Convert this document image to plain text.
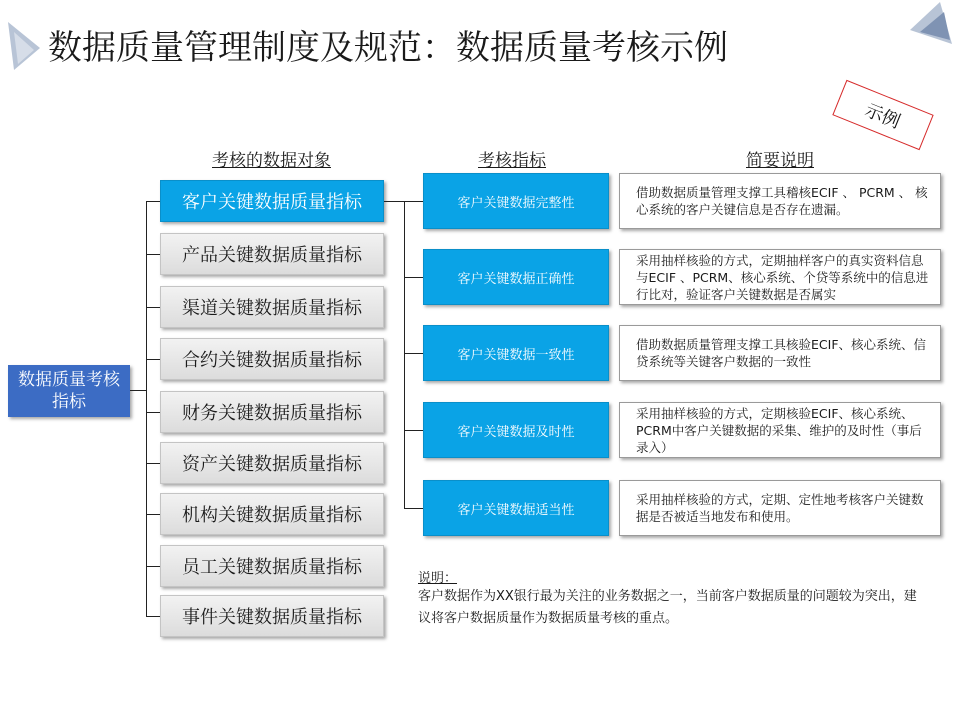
数据质量管理制度及规范：数据质量考核示例
示例
考核的数据对象	考核指标	简要说明
数据质量考核指标
客户关键数据质量指标
产品关键数据质量指标
渠道关键数据质量指标
合约关键数据质量指标
财务关键数据质量指标
资产关键数据质量指标
机构关键数据质量指标
员工关键数据质量指标
事件关键数据质量指标
客户关键数据完整性
客户关键数据正确性
客户关键数据一致性
客户关键数据及时性
客户关键数据适当性
借助数据质量管理支撑工具稽核ECIF 、 PCRM 、 核心系统的客户关键信息是否存在遗漏。
采用抽样核验的方式，定期抽样客户的真实资料信息与ECIF 、PCRM、核心系统、个贷等系统中的信息进行比对，验证客户关键数据是否属实
借助数据质量管理支撑工具核验ECIF、核心系统、信贷系统等关键客户数据的一致性
采用抽样核验的方式，定期核验ECIF、核心系统、PCRM中客户关键数据的采集、维护的及时性（事后录入）
采用抽样核验的方式，定期、定性地考核客户关键数据是否被适当地发布和使用。
说明：
客户数据作为XX银行最为关注的业务数据之一，当前客户数据质量的问题较为突出，建议将客户数据质量作为数据质量考核的重点。
